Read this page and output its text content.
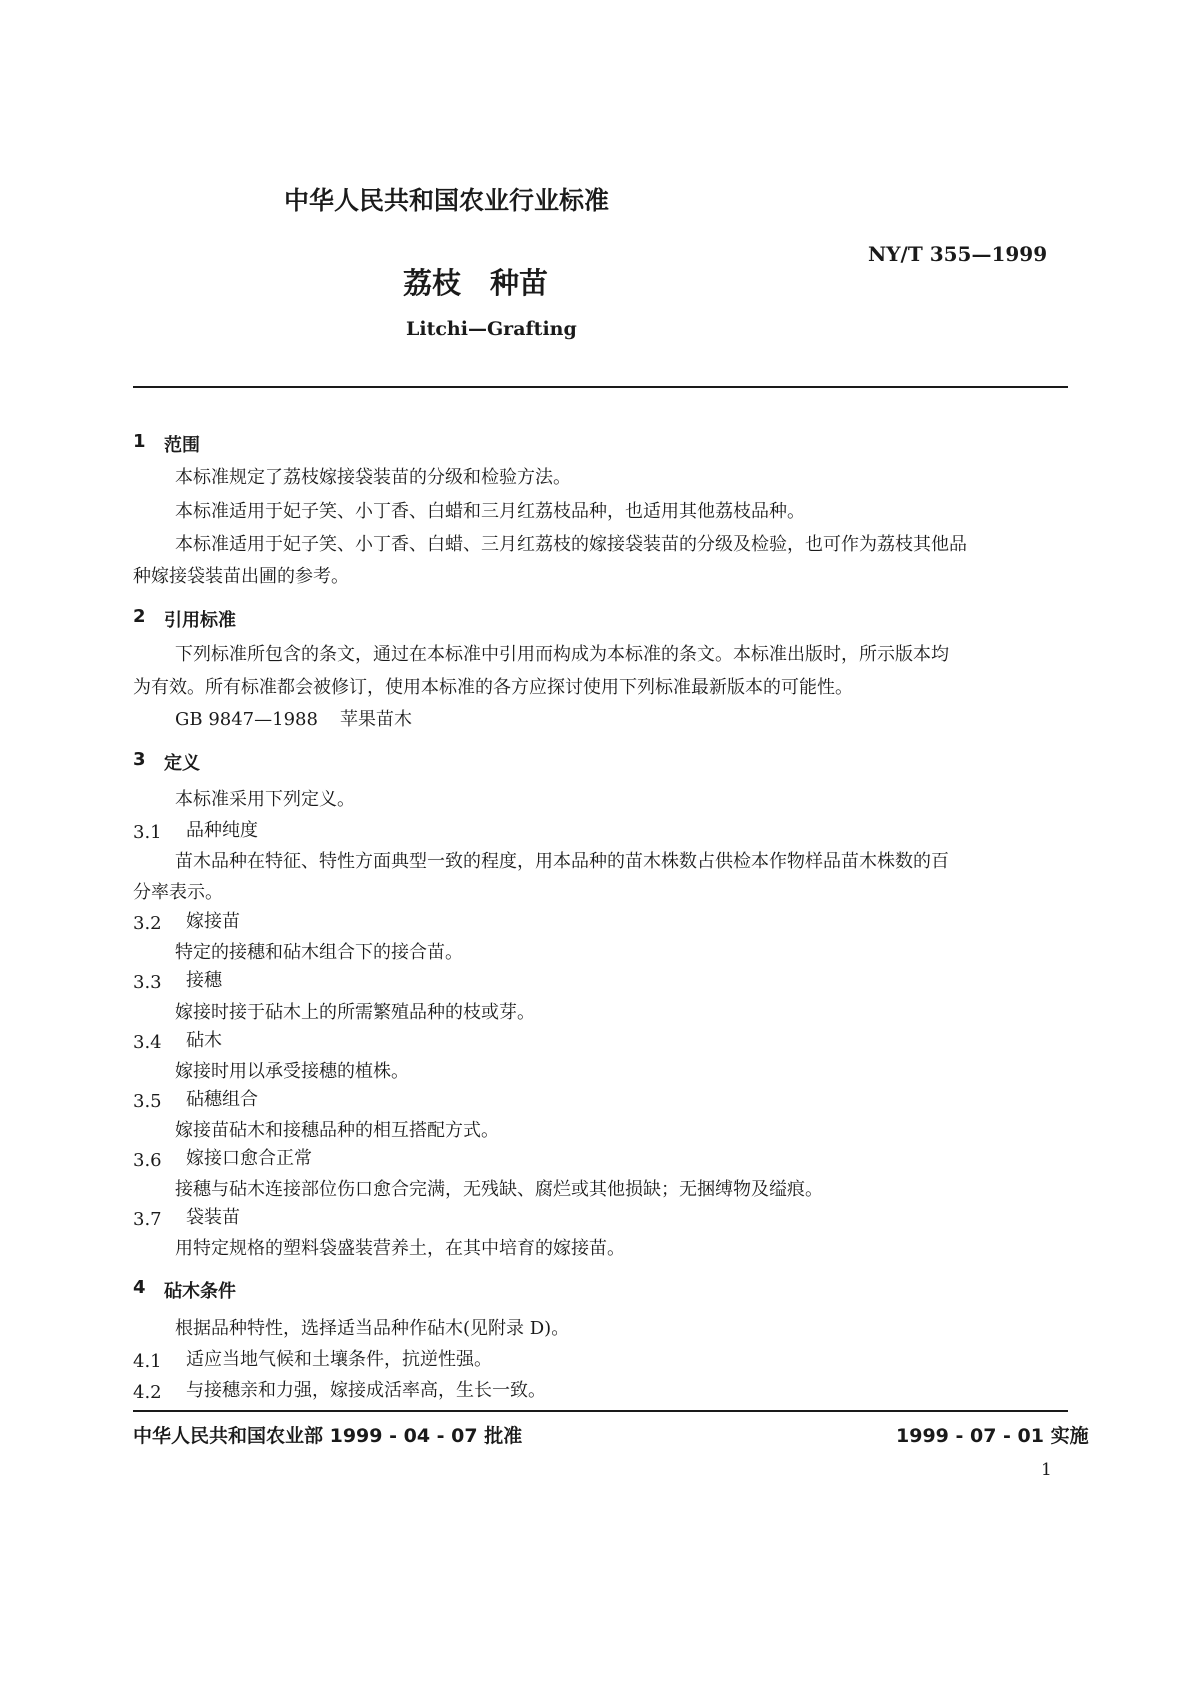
中华人民共和国农业行业标准
NY/T 355—1999
荔枝　种苗
Litchi—Grafting
1 范围
本标准规定了荔枝嫁接袋装苗的分级和检验方法。
本标准适用于妃子笑、小丁香、白蜡和三月红荔枝品种，也适用其他荔枝品种。
本标准适用于妃子笑、小丁香、白蜡、三月红荔枝的嫁接袋装苗的分级及检验，也可作为荔枝其他品
种嫁接袋装苗出圃的参考。
2 引用标准
下列标准所包含的条文，通过在本标准中引用而构成为本标准的条文。本标准出版时，所示版本均
为有效。所有标准都会被修订，使用本标准的各方应探讨使用下列标准最新版本的可能性。
GB 9847—1988 苹果苗木
3 定义
本标准采用下列定义。
3.1 品种纯度
苗木品种在特征、特性方面典型一致的程度，用本品种的苗木株数占供检本作物样品苗木株数的百
分率表示。
3.2 嫁接苗
特定的接穗和砧木组合下的接合苗。
3.3 接穗
嫁接时接于砧木上的所需繁殖品种的枝或芽。
3.4 砧木
嫁接时用以承受接穗的植株。
3.5 砧穗组合
嫁接苗砧木和接穗品种的相互搭配方式。
3.6 嫁接口愈合正常
接穗与砧木连接部位伤口愈合完满，无残缺、腐烂或其他损缺；无捆缚物及缢痕。
3.7 袋装苗
用特定规格的塑料袋盛装营养土，在其中培育的嫁接苗。
4 砧木条件
根据品种特性，选择适当品种作砧木(见附录 D)。
4.1 适应当地气候和土壤条件，抗逆性强。
4.2 与接穗亲和力强，嫁接成活率高，生长一致。
中华人民共和国农业部 1999 - 04 - 07 批准	1999 - 07 - 01 实施
1
